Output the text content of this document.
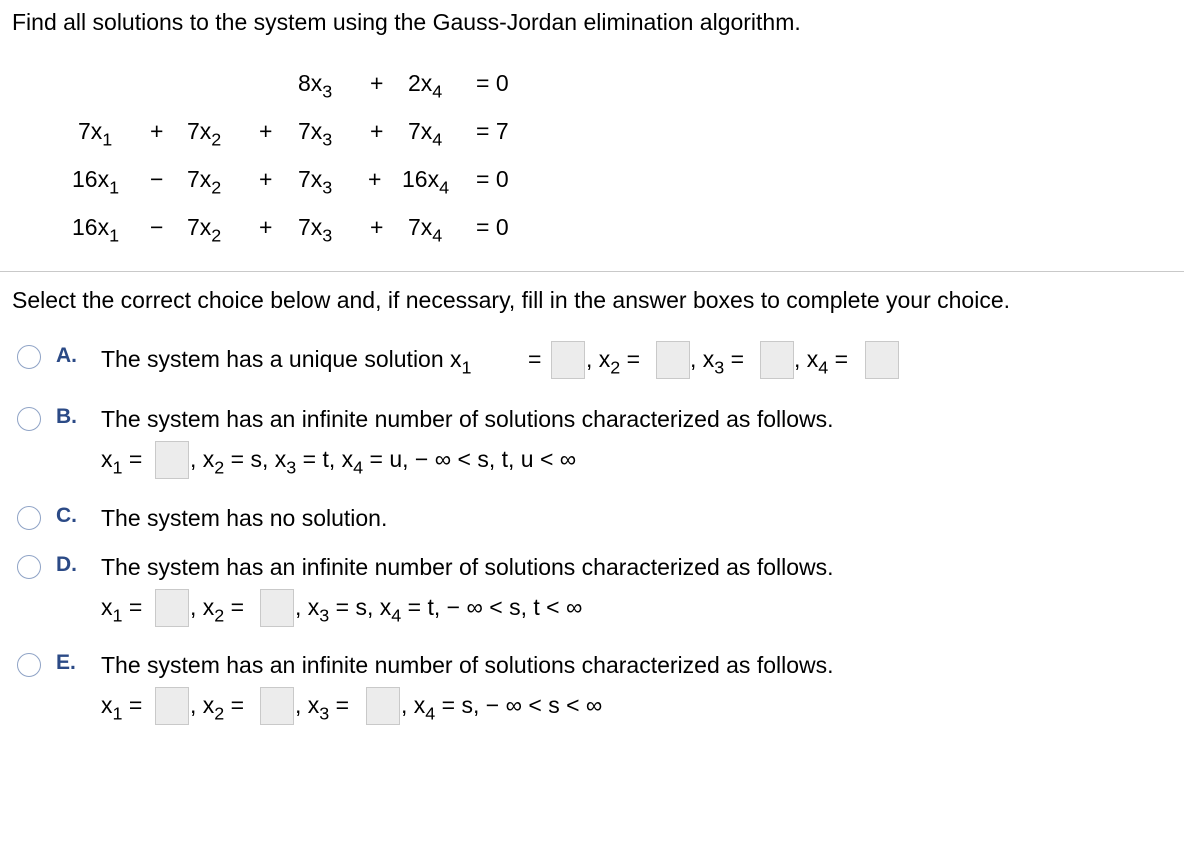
Find all solutions to the system using the Gauss-Jordan elimination algorithm.
$8x_3 + 2x_4 = 0$
$7x_1 + 7x_2 + 7x_3 + 7x_4 = 7$
$16x_1 - 7x_2 + 7x_3 + 16x_4 = 0$
$16x_1 - 7x_2 + 7x_3 + 7x_4 = 0$
Select the correct choice below and, if necessary, fill in the answer boxes to complete your choice.
A. The system has a unique solution $x_1$ = , $x_2$ = , $x_3$ = , $x_4$ =
B. The system has an infinite number of solutions characterized as follows.
$x_1$ = , $x_2 = s$, $x_3 = t$, $x_4 = u$, − ∞ < s, t, u < ∞
C. The system has no solution.
D. The system has an infinite number of solutions characterized as follows.
$x_1$ = , $x_2$ = , $x_3 = s$, $x_4 = t$, − ∞ < s, t < ∞
E. The system has an infinite number of solutions characterized as follows.
$x_1$ = , $x_2$ = , $x_3$ = , $x_4 = s$, − ∞ < s < ∞
